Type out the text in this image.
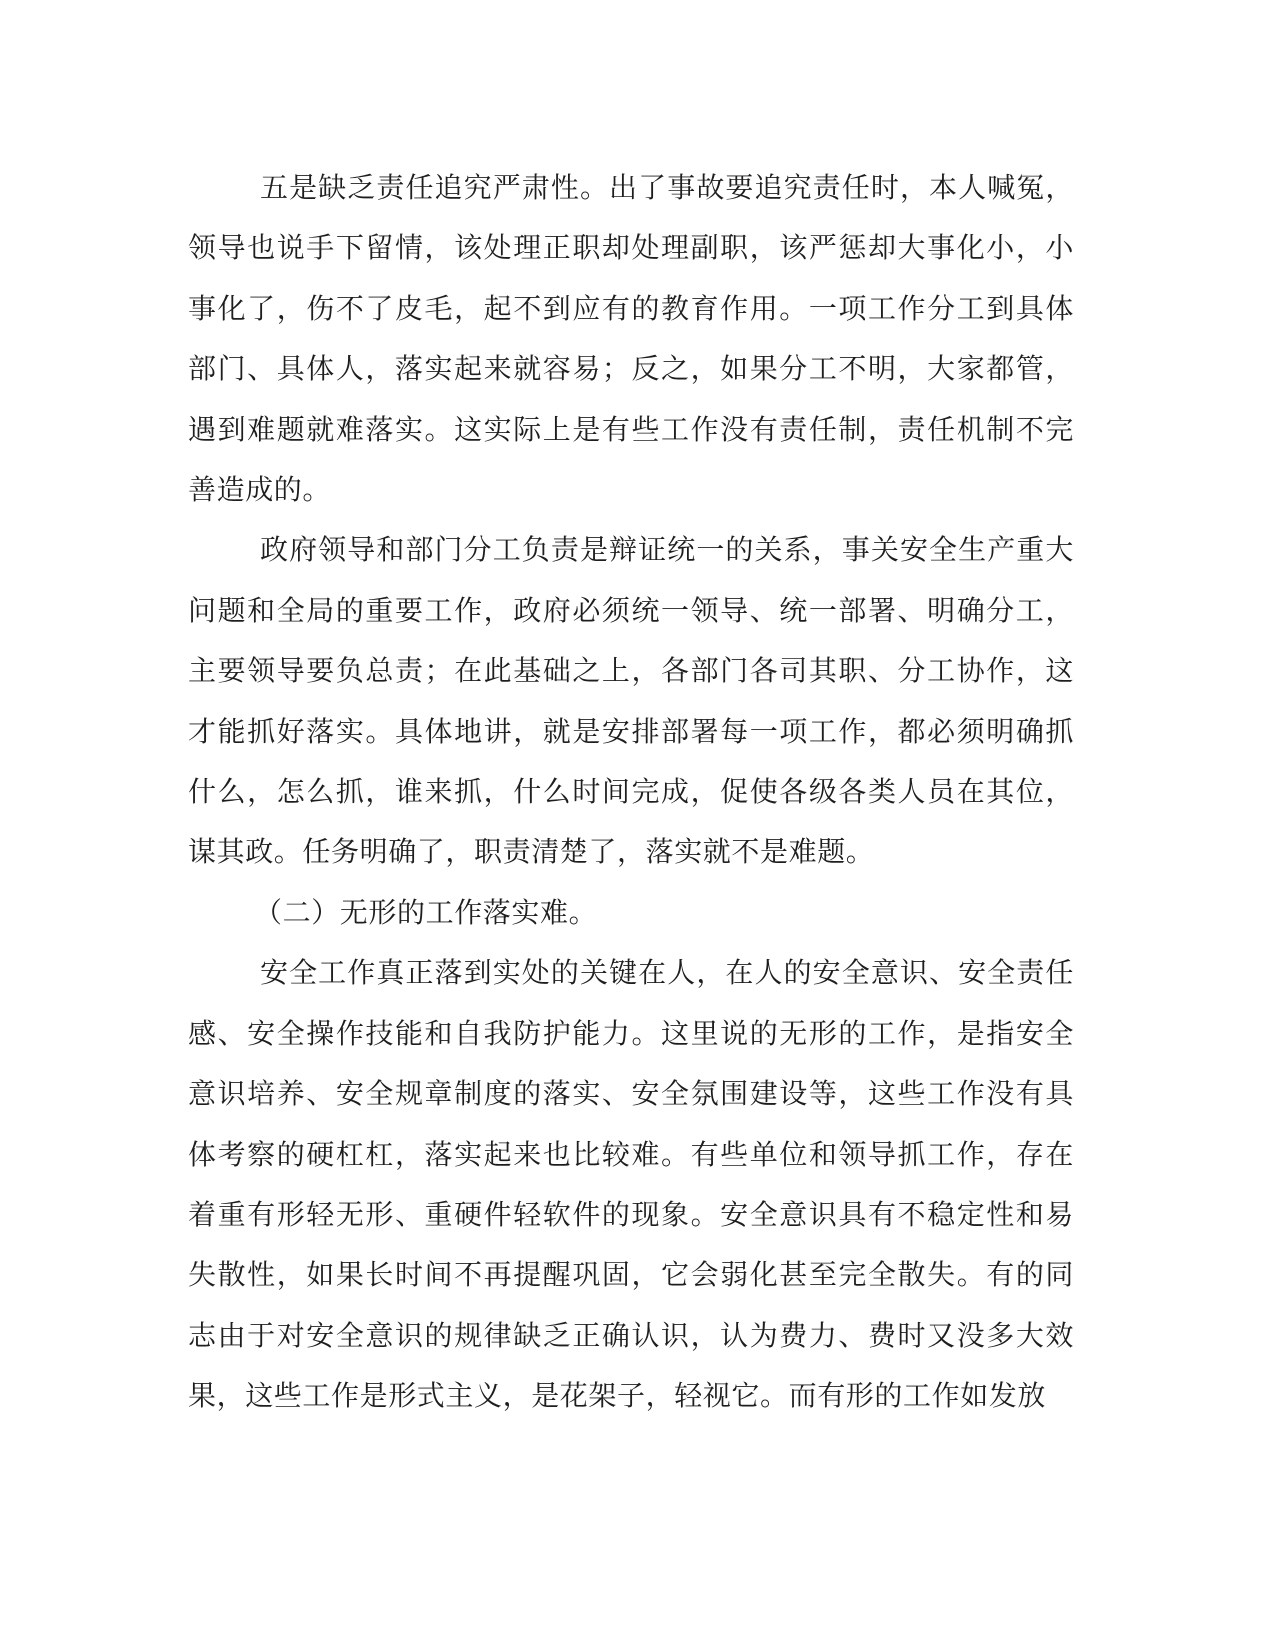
五是缺乏责任追究严肃性。出了事故要追究责任时，本人喊冤，领导也说手下留情，该处理正职却处理副职，该严惩却大事化小，小事化了，伤不了皮毛，起不到应有的教育作用。一项工作分工到具体部门、具体人，落实起来就容易；反之，如果分工不明，大家都管，遇到难题就难落实。这实际上是有些工作没有责任制，责任机制不完善造成的。

政府领导和部门分工负责是辩证统一的关系，事关安全生产重大问题和全局的重要工作，政府必须统一领导、统一部署、明确分工，主要领导要负总责；在此基础之上，各部门各司其职、分工协作，这才能抓好落实。具体地讲，就是安排部署每一项工作，都必须明确抓什么，怎么抓，谁来抓，什么时间完成，促使各级各类人员在其位，谋其政。任务明确了，职责清楚了，落实就不是难题。

（二）无形的工作落实难。

安全工作真正落到实处的关键在人，在人的安全意识、安全责任感、安全操作技能和自我防护能力。这里说的无形的工作，是指安全意识培养、安全规章制度的落实、安全氛围建设等，这些工作没有具体考察的硬杠杠，落实起来也比较难。有些单位和领导抓工作，存在着重有形轻无形、重硬件轻软件的现象。安全意识具有不稳定性和易失散性，如果长时间不再提醒巩固，它会弱化甚至完全散失。有的同志由于对安全意识的规律缺乏正确认识，认为费力、费时又没多大效果，这些工作是形式主义，是花架子，轻视它。而有形的工作如发放
